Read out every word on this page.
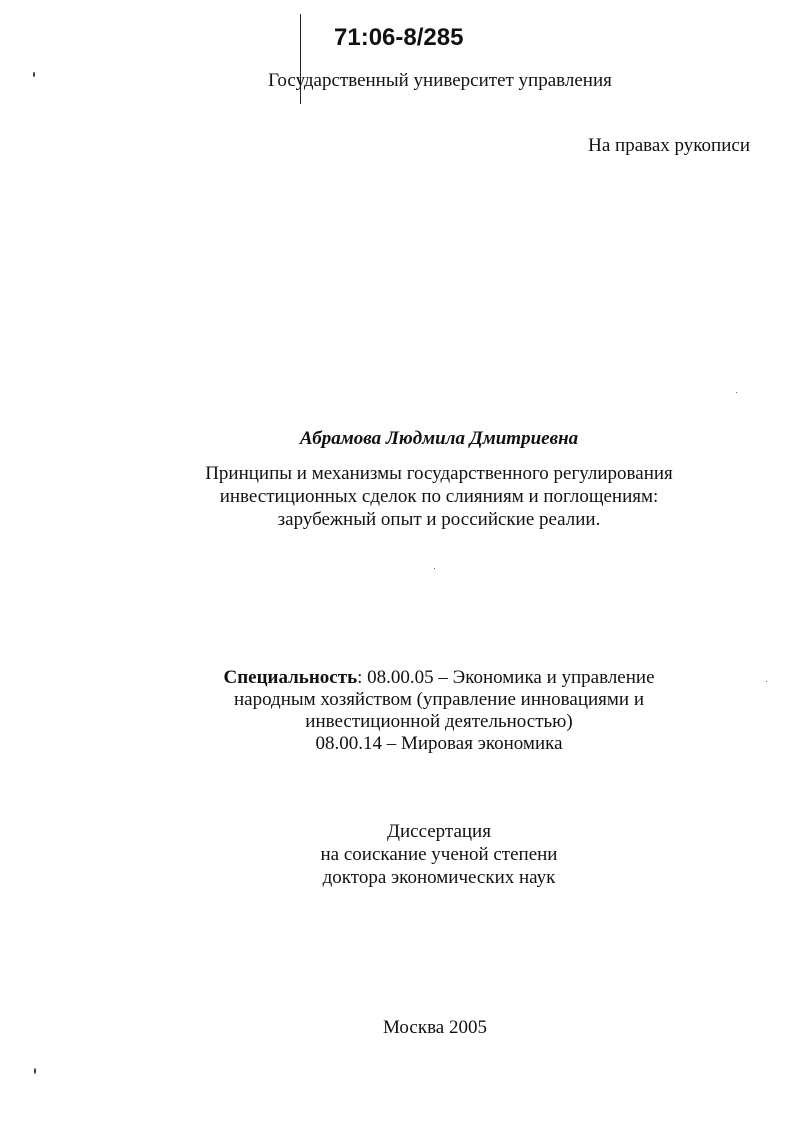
71:06-8/285
Государственный университет управления
На правах рукописи
Абрамова Людмила Дмитриевна
Принципы и механизмы государственного регулирования
инвестиционных сделок по слияниям и поглощениям:
зарубежный опыт и российские реалии.
Специальность: 08.00.05 – Экономика и управление
народным хозяйством (управление инновациями и
инвестиционной деятельностью)
08.00.14 – Мировая экономика
Диссертация
на соискание ученой степени
доктора экономических наук
Москва 2005
